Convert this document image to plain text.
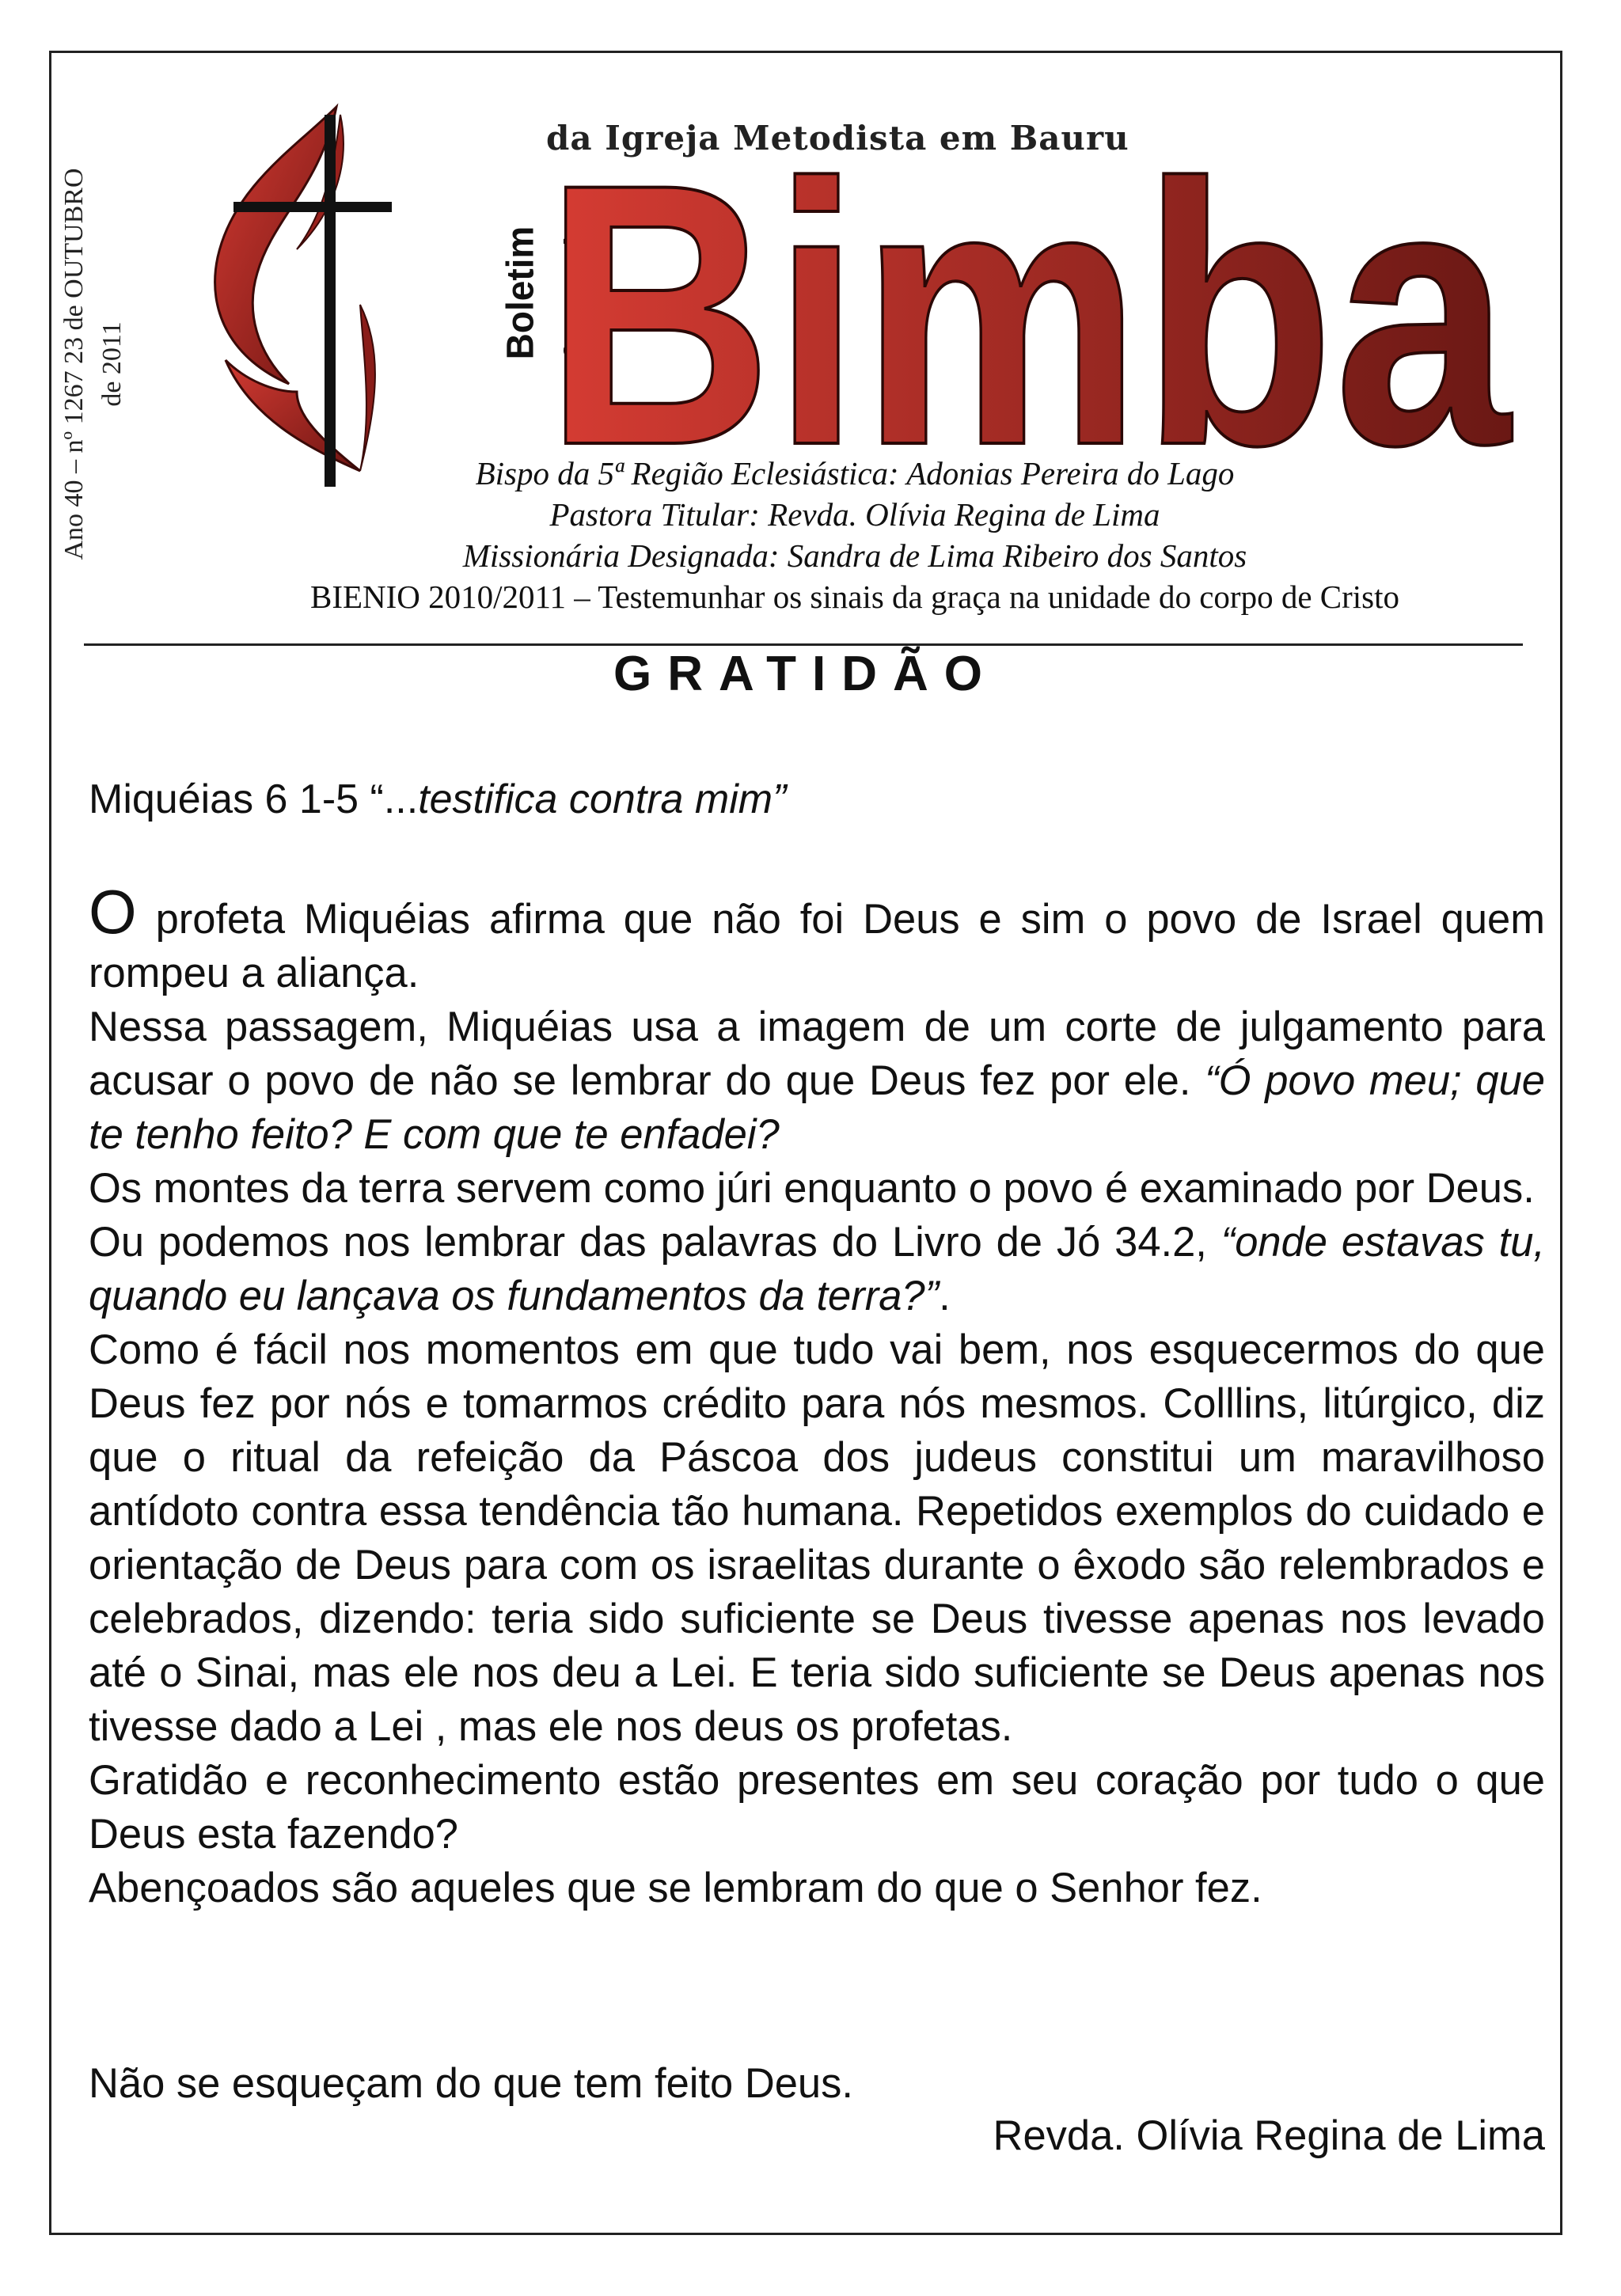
Ano 40 – nº 1267 23 de OUTUBRO de 2011
Boletim Informativo
da Igreja Metodista em Bauru
Bimba
Bispo da 5ª Região Eclesiástica: Adonias Pereira do Lago
Pastora Titular: Revda. Olívia Regina de Lima
Missionária Designada: Sandra de Lima Ribeiro dos Santos
BIENIO 2010/2011 – Testemunhar os sinais da graça na unidade do corpo de Cristo
GRATIDÃO
Miquéias 6 1-5 “...testifica contra mim”

O profeta Miquéias afirma que não foi Deus e sim o povo de Israel quem rompeu a aliança.

Nessa passagem, Miquéias usa a imagem de um corte de julgamento para acusar o povo de não se lembrar do que Deus fez por ele. “Ó povo meu; que te tenho feito? E com que te enfadei?

Os montes da terra servem como júri enquanto o povo é examinado por Deus.

Ou podemos nos lembrar das palavras do Livro de Jó 34.2, “onde estavas tu, quando eu lançava os fundamentos da terra?”.

Como é fácil nos momentos em que tudo vai bem, nos esquecermos do que Deus fez por nós e tomarmos crédito para nós mesmos. Colllins, litúrgico, diz que o ritual da refeição da Páscoa dos judeus constitui um maravilhoso antídoto contra essa tendência tão humana. Repetidos exemplos do cuidado e orientação de Deus para com os israelitas durante o êxodo são relembrados e celebrados, dizendo: teria sido suficiente se Deus tivesse apenas nos levado até o Sinai, mas ele nos deu a Lei. E teria sido suficiente se Deus apenas nos tivesse dado a Lei , mas ele nos deus os profetas.

Gratidão e reconhecimento estão presentes em seu coração por tudo o que Deus esta fazendo?

Abençoados são aqueles que se lembram do que o Senhor fez.

Não se esqueçam do que tem feito Deus.
Revda. Olívia Regina de Lima
